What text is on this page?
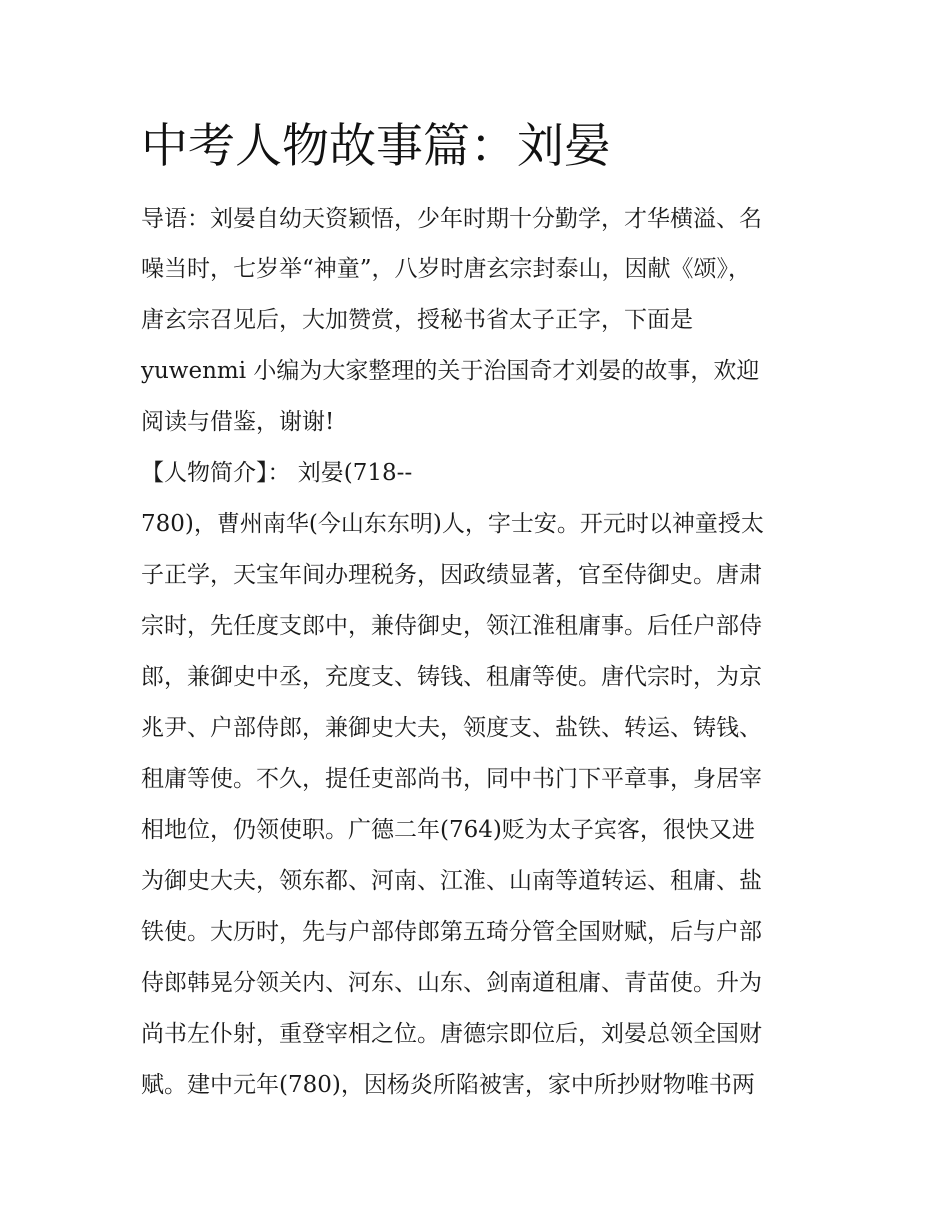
中考人物故事篇：刘晏

导语：刘晏自幼天资颖悟，少年时期十分勤学，才华横溢、名

噪当时，七岁举“神童”，八岁时唐玄宗封泰山，因献《颂》，

唐玄宗召见后，大加赞赏，授秘书省太子正字，下面是

yuwenmi 小编为大家整理的关于治国奇才刘晏的故事，欢迎

阅读与借鉴，谢谢!

【人物简介】： 刘晏(718--

780)，曹州南华(今山东东明)人，字士安。开元时以神童授太

子正学，天宝年间办理税务，因政绩显著，官至侍御史。唐肃

宗时，先任度支郎中，兼侍御史，领江淮租庸事。后任户部侍

郎，兼御史中丞，充度支、铸钱、租庸等使。唐代宗时，为京

兆尹、户部侍郎，兼御史大夫，领度支、盐铁、转运、铸钱、

租庸等使。不久，提任吏部尚书，同中书门下平章事，身居宰

相地位，仍领使职。广德二年(764)贬为太子宾客，很快又进

为御史大夫，领东都、河南、江淮、山南等道转运、租庸、盐

铁使。大历时，先与户部侍郎第五琦分管全国财赋，后与户部

侍郎韩晃分领关内、河东、山东、剑南道租庸、青苗使。升为

尚书左仆射，重登宰相之位。唐德宗即位后，刘晏总领全国财

赋。建中元年(780)，因杨炎所陷被害，家中所抄财物唯书两
